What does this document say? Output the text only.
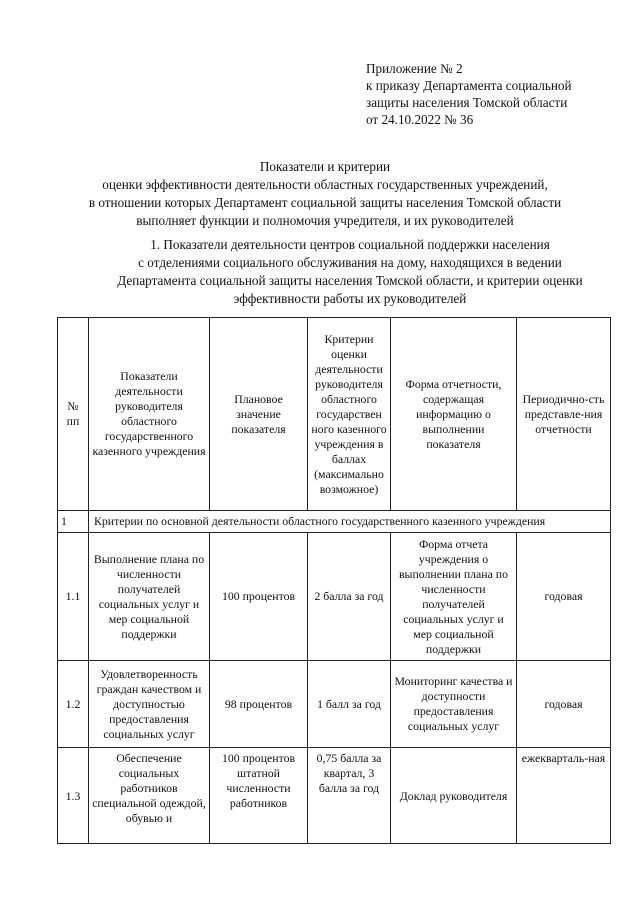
Приложение № 2
к приказу Департамента социальной
защиты населения Томской области
от 24.10.2022 № 36
Показатели и критерии
оценки эффективности деятельности областных государственных учреждений,
в отношении которых Департамент социальной защиты населения Томской области
выполняет функции и полномочия учредителя, и их руководителей
1. Показатели деятельности центров социальной поддержки населения
с отделениями социального обслуживания на дому, находящихся в ведении
Департамента социальной защиты населения Томской области, и критерии оценки
эффективности работы их руководителей
№ пп	Показатели деятельности руководителя областного государственного казенного учреждения	Плановое значение показателя	Критерии оценки деятельности руководителя областного государствен ного казенного учреждения в баллах (максимально возможное)	Форма отчетности, содержащая информацию о выполнении показателя	Периодично-сть представле-ния отчетности
1	Критерии по основной деятельности областного государственного казенного учреждения				
1.1	Выполнение плана по численности получателей социальных услуг и мер социальной поддержки	100 процентов	2 балла за год	Форма отчета учреждения о выполнении плана по численности получателей социальных услуг и мер социальной поддержки	годовая
1.2	Удовлетворенность граждан качеством и доступностью предоставления социальных услуг	98 процентов	1 балл за год	Мониторинг качества и доступности предоставления социальных услуг	годовая
1.3	Обеспечение социальных работников специальной одеждой, обувью и	100 процентов штатной численности работников	0,75 балла за квартал, 3 балла за год	Доклад руководителя	ежекварталь-ная
